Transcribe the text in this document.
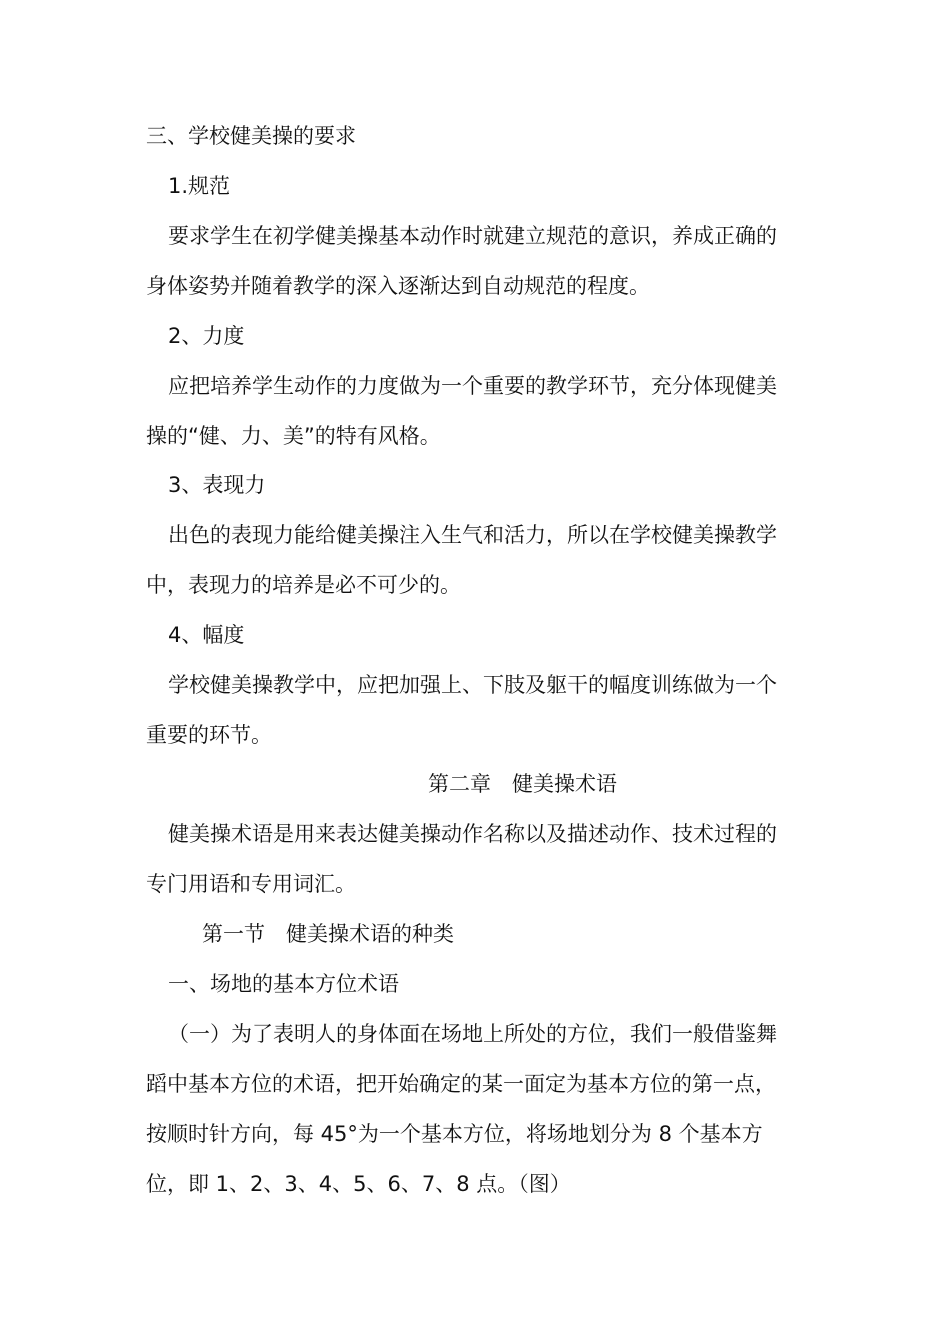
三、学校健美操的要求
1.规范
要求学生在初学健美操基本动作时就建立规范的意识，养成正确的
身体姿势并随着教学的深入逐渐达到自动规范的程度。
2、力度
应把培养学生动作的力度做为一个重要的教学环节，充分体现健美
操的“健、力、美”的特有风格。
3、表现力
出色的表现力能给健美操注入生气和活力，所以在学校健美操教学
中，表现力的培养是必不可少的。
4、幅度
学校健美操教学中，应把加强上、下肢及躯干的幅度训练做为一个
重要的环节。
第二章　健美操术语
健美操术语是用来表达健美操动作名称以及描述动作、技术过程的
专门用语和专用词汇。
第一节　健美操术语的种类
一、场地的基本方位术语
（一）为了表明人的身体面在场地上所处的方位，我们一般借鉴舞
蹈中基本方位的术语，把开始确定的某一面定为基本方位的第一点，
按顺时针方向，每 45°为一个基本方位，将场地划分为 8 个基本方
位，即 1、2、3、4、5、6、7、8 点。（图）
